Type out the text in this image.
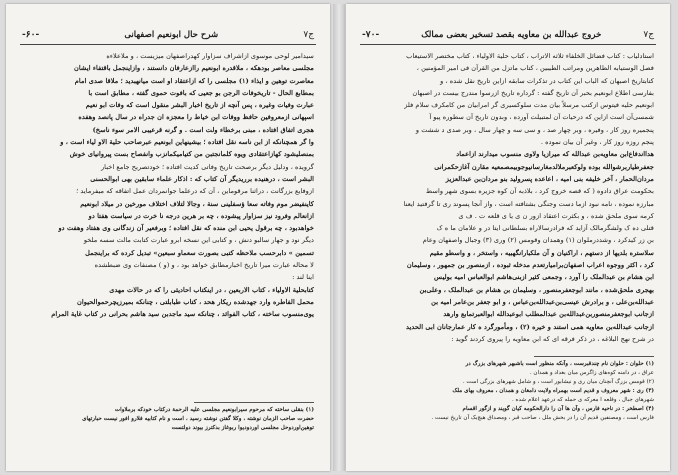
ج۷
شرح حال ابونعیم اصفهانی
-۶۰-
سیدامیر لوحی موسوی ازاشراف سزاوار کهدراصفهان میزیست ، و ملاعلاءه
مجلسی معاصر بودهکه ، ملاقدره ابونعیم راازعارفان دانستند ، وازاینجمل باقتفاء ایشان
معاصرت توهین و ایذاء (۱) مجلسی را که ازاعتقاد او است میانهبدید ؛ ملاقا صدی امام
بمطابع الحال - تاریخوفات الرجن بو جعیی که بافوت حموی گفته ، مطابق است با
عبارت وفیات وغیره ، پس آنچه از تاریخ اخبار البشر منقول است که وفات ابو نعیم
اسپهانی ازمعروفین حافظ ووفات ابن خیاط را معجزه ان جدراه در سال پانصد وهفده
هجری اتفاق افتاده ، مبنی برخطاء ولت است . و گرنه قرعیبی الامر سوء ناسخ)
وا گر همچنانکه از ابن ناسه نقل افتاده ؛ بیشینهاین ابونعیم عبرصاحب حلیة الاو لیاء است ، و
بمنصلیشود کهازاعتقادی ویوه کلمانجتبن من کتیامیکمانزب وانفصاح بست پیروانیای خوش
گرویده ، ودلیل دیگر برصحت تاریخ وفاتی کدیت افتاده ؛ خودتصریح جامع اخبار
البشر است ، درهنیده برریدیگر آن کتاب که : اذکار علماء سابقین بهی ابوالحسنی
ازوفایع بزرگانت ، دراثنا مرقوماین ، آن که درعلما جوانمردان عمل اتفاقه که میفرماید ؛
کاینفیضر موم وفاته سعا ؤسفلینی سنة ، وجالا لتلاف اختلاف مورخین در میلاد ابونعیم
ازانعالم وفرود نیز سزاوار پیشوده ، چه بر هرین درجه نا خرت در سیاست هفتا دو
خواهدبود ، چه برقول یحیی ابن منده که نقل افتاده ؛ وبرفعیر آن زندگانی وی هفتاد وهفت دو
دیگر نود و جهار سالبو دنش ، و کتابی این نسخه ابرو عبارت کتابت مالت سسه ملخو
تسمین » دابرحسب ملاحظه کتبی بصورت سعماو سبعین» تبدیل کرده که براینجمل
لا محاله عبارت میرا تاریخ اخبارمطابق خواهد بود ، و (و ) مصنفات وی ضبطشده
اینا لند :
کتابحلیة الاولیاء ، کتاب الاربعین ، در اینکتاب احادیثی را که در حالات مهدی
محمل الفاطره وارد جهدشده ریکار هحد ، کتاب طبابلتی ، چنانکه بمیرزیچرحموالحیوان
یوی‌منسوب ساخته ، کتاب الفوائد ، چنانکه سید ماجدبن سید هاشم بحرانی در کتاب غایة المرام
(۱) بنقلی ساخته که مرحوم سیرابونعیم مجلسی علیه الرحمة درکتاب خودکه برملاوات
حضرت صاحب الزمان نوشته ، وکلا گفتن نوشته رسید ، است و نام کتابیه فلارو افور نیست حبارتهای
توهین‌اوردوحل مجلسی اوردودیوا ربوغاز بدکترز بیوند دولتست
ج۷
خروج عبدالله بن معاویه بقصد تسخیر بعضی ممالک
-۷۰-
استادلیاب : کتاب فضائل الخلفاء ثلاثه الاتراب ، کتاب حلیة الاولیاء ، کتاب مختصر الاستیعاب
فصل الوستیابه الطاهرین ومراتب الطیبین ، کتاب ماتزل من القرآن فی امیر المؤمنین ،
کتابتاریخ اصبهان که الباب این کتاب در تذکرات سابقه ازاین تاریخ نقل شده ، و
بفارسی اطلاع ابونعیم بحبر آن تاریخ گفته : گرداره تاریخ ازرسوا مندرج بیست در اصبهان
ابونعیم حلیه‌ فیتوس ازکتب مرسلاً بیان مدت سلوکسیری گر امرابیان من کامکرف سلام فلز
شمسی‌آن است ازاین که درحیات آن لمتبیلت آورده ، وبدون تاریخ آن سطوره پیو آ
پنجمیره روز کار ، وفیره ، وبر چهار صد ، و سی سه و چهار سال ، وبر صدی د ششت و
پنجم روزه روز کار ، وغیر آن بیان نموده .
هدااندفاع‌ابن معاویه‌بن عبدالله که میرازیا ولاوی منسوب میدارند ازاعماد
جعفرطیاربرشوالله بوده ولوکعبرملالدمغارسانیوجوبیمصمعیه مقارن آغازحکمرانی
مردان‌الحمار ، آخر خلیفه بنی امیه ، اعاعده پسرولید بنو مردان‌بن عبدالعزیز
بحکومت عراق دادوه ( که قصه خروج کرد ، بلاذبه آن کوه جزیره بسوی شهر واسط
مبارزه نموده ، نامه نبود ازما دست وجنگی بشتافته است ، واز آنجا پسوند ری تا گرفتید ایعنا
کرمه سوی ملحق شده ، و بکثرت اعتقاد ازور ن ی یا ی قلعه ت . ف ی
قتلی ده ک ولشگرمالک آزاید که فرادرسالاراه بسلطانی ایتا در و علامان ما ه ک
بن زر کیدکرد ، وشددرملوان (۱) وهمدان وقومس (۲) وری (۳) وجبال واصفهان وعام
سلاستره بلدیها از دستهم ، اراکنیان و آن ملکبارانگهبیه ، واستخر ، و واسطو مقیم
کرد ، اکثر ووجوه اعراب اصفهان‌برامیارتعدم مدخله ثبوده ، ازمنصور بن جمهور ، وسلیمان
ابن هشام بن عبدالملک را آورد ، وجمعی کثیر ازبنی‌هاشم ابوالعباس امیه بولیس
بهجری ملحق‌شده ، مانند ابوجعفرمنصور ، وسلیمان بن هشام بن عبدالملک ، وعلی‌بن
عبدالله‌بن‌علی ، و برادرش عیسی‌بن‌عبدالله‌بن‌عباس ، و ابو جعفر بن‌عامر امیه بن
ازجانب ابوجعفرمنصوربن‌عبدالله‌بن عبدالمطلب ابوعبدالله ابوالعبرتمابع وارهد
ازجانب عبدالله‌بن معاویه همی استند و خیره (۲) ، ومأمورگرد ه کار عمارجانان ابی الحدید
در شرح نهج البلاغه ، در ذکر فرقه ای که ابن معاویه را پیروی کردند گوید :
(۱) حلوان : حلوان نام چندقبرست ، وآنکه منظور است باشبهر شهرهای بزرگ در
عراق ، در دامنه کوه‌های زاگرس میان بغداد و همدان .
(۲) قومس بزرگ آنچنان میان ری و نیشابور است ، و شامل شهرهای بزرگی است .
(۳) ری : شهر معروف و قدیم است بهمراه ولایت دامغان و همدان ، معروف بهای ملک
شهرهای جبال ، وقلعه ا معرکه ی حمله که درعهد اعلام شده .
(۴) اصطخر : در ناحیه فارس ، وآن ها آن را دارالحکومه کیان گویند و ازگور اقسام
فارس است ، ومصنفین قدیم آن را در بخش ملل ، صاحب قبر ، ومصداق هیچ‌یک آن تاریخ نیست .
